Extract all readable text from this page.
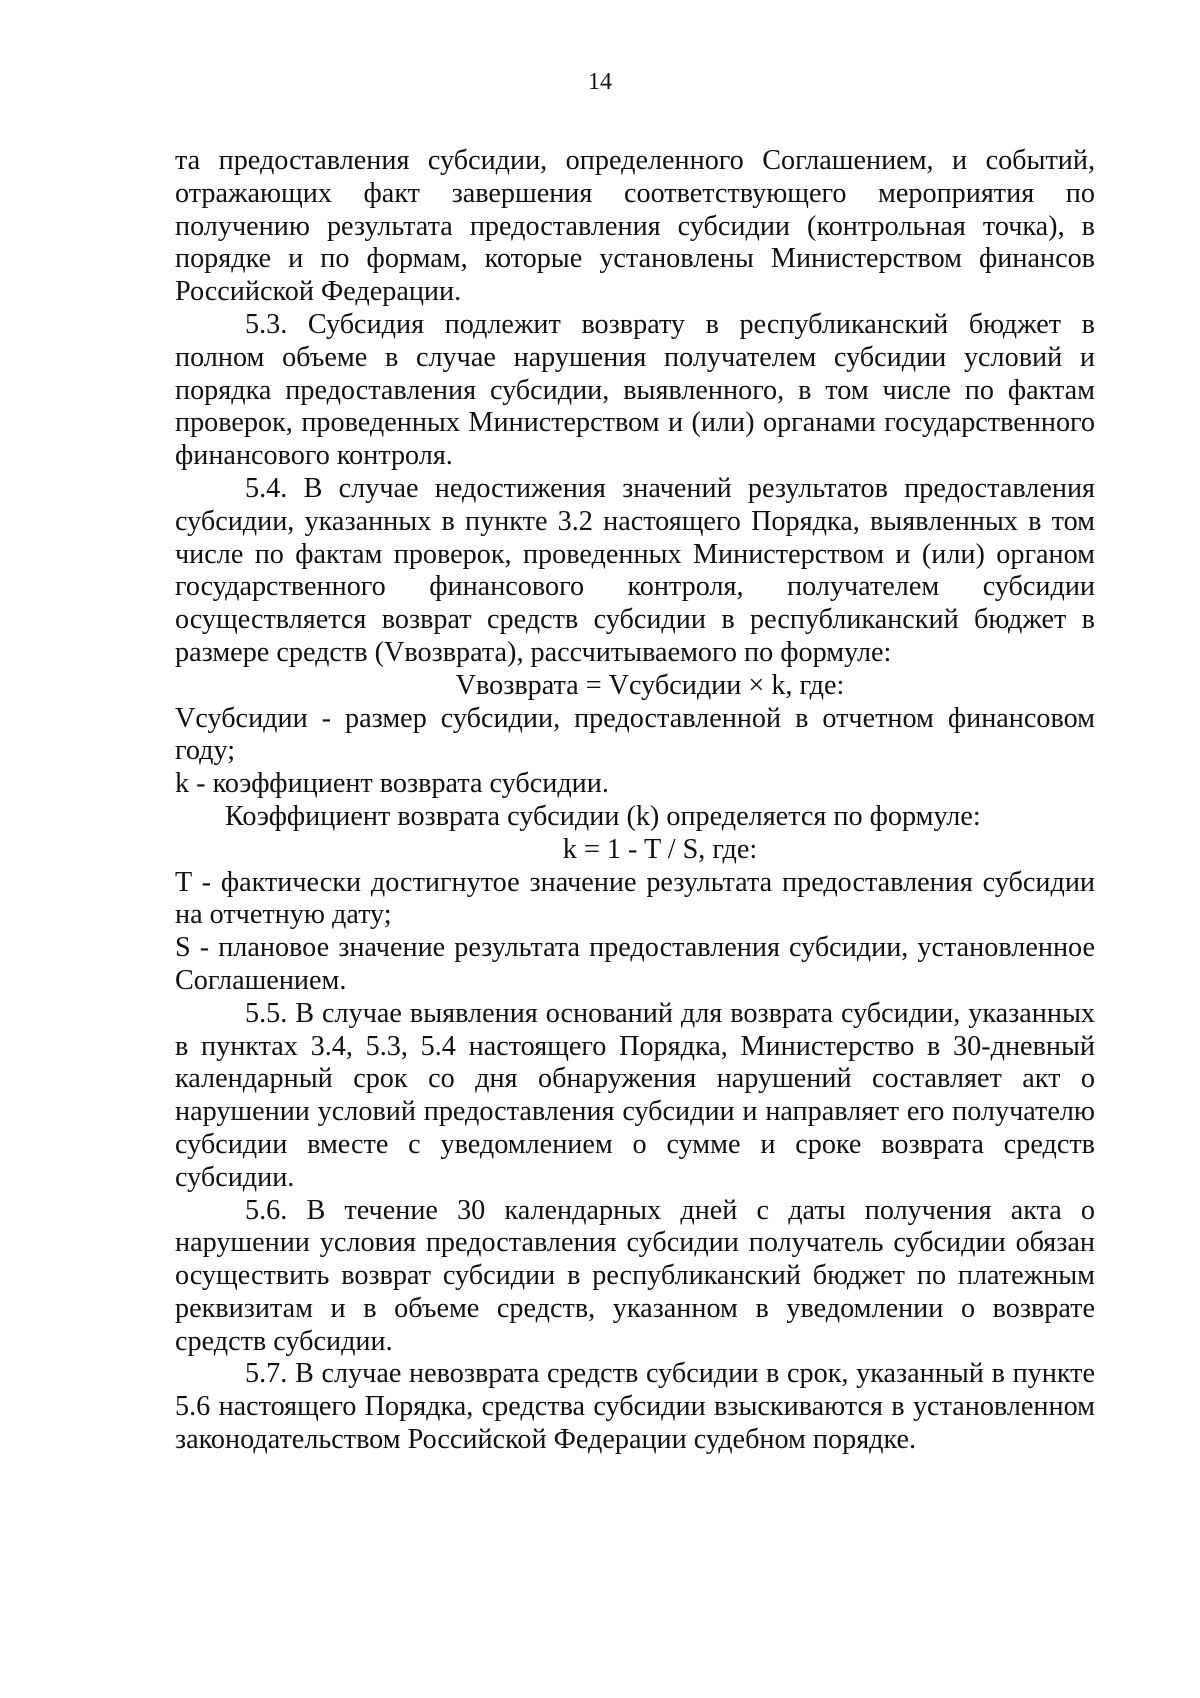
14

та предоставления субсидии, определенного Соглашением, и событий, отражающих факт завершения соответствующего мероприятия по получению результата предоставления субсидии (контрольная точка), в порядке и по формам, которые установлены Министерством финансов Российской Федерации.

5.3. Субсидия подлежит возврату в республиканский бюджет в полном объеме в случае нарушения получателем субсидии условий и порядка предоставления субсидии, выявленного, в том числе по фактам проверок, проведенных Министерством и (или) органами государственного финансового контроля.

5.4. В случае недостижения значений результатов предоставления субсидии, указанных в пункте 3.2 настоящего Порядка, выявленных в том числе по фактам проверок, проведенных Министерством и (или) органом государственного финансового контроля, получателем субсидии осуществляется возврат средств субсидии в республиканский бюджет в размере средств (Vвозврата), рассчитываемого по формуле:

Vвозврата = Vсубсидии × k, где:

Vсубсидии - размер субсидии, предоставленной в отчетном финансовом году;

k - коэффициент возврата субсидии.

Коэффициент возврата субсидии (k) определяется по формуле:

k = 1 - T / S, где:

T - фактически достигнутое значение результата предоставления субсидии на отчетную дату;

S - плановое значение результата предоставления субсидии, установленное Соглашением.

5.5. В случае выявления оснований для возврата субсидии, указанных в пунктах 3.4, 5.3, 5.4 настоящего Порядка, Министерство в 30-дневный календарный срок со дня обнаружения нарушений составляет акт о нарушении условий предоставления субсидии и направляет его получателю субсидии вместе с уведомлением о сумме и сроке возврата средств субсидии.

5.6. В течение 30 календарных дней с даты получения акта о нарушении условия предоставления субсидии получатель субсидии обязан осуществить возврат субсидии в республиканский бюджет по платежным реквизитам и в объеме средств, указанном в уведомлении о возврате средств субсидии.

5.7. В случае невозврата средств субсидии в срок, указанный в пункте 5.6 настоящего Порядка, средства субсидии взыскиваются в установленном законодательством Российской Федерации судебном порядке.
